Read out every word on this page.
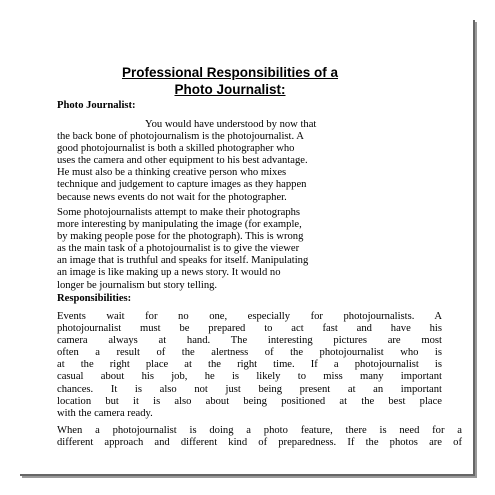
Professional Responsibilities of a
Photo Journalist:
Photo Journalist:
You would have understood by now that
the back bone of photojournalism is the photojournalist. A
good photojournalist is both a skilled photographer who
uses the camera and other equipment to his best advantage.
He must also be a thinking creative person who mixes
technique and judgement to capture images as they happen
because news events do not wait for the photographer.
Some photojournalists attempt to make their photographs
more interesting by manipulating the image (for example,
by making people pose for the photograph). This is wrong
as the main task of a photojournalist is to give the viewer
an image that is truthful and speaks for itself. Manipulating
an image is like making up a news story. It would no
longer be journalism but story telling.
Responsibilities:
Events wait for no one, especially for photojournalists. A
photojournalist must be prepared to act fast and have his
camera always at hand. The interesting pictures are most
often a result of the alertness of the photojournalist who is
at the right place at the right time. If a photojournalist is
casual about his job, he is likely to miss many important
chances. It is also not just being present at an important
location but it is also about being positioned at the best place
with the camera ready.
When a photojournalist is doing a photo feature, there is need for a
different approach and different kind of preparedness. If the photos are of
